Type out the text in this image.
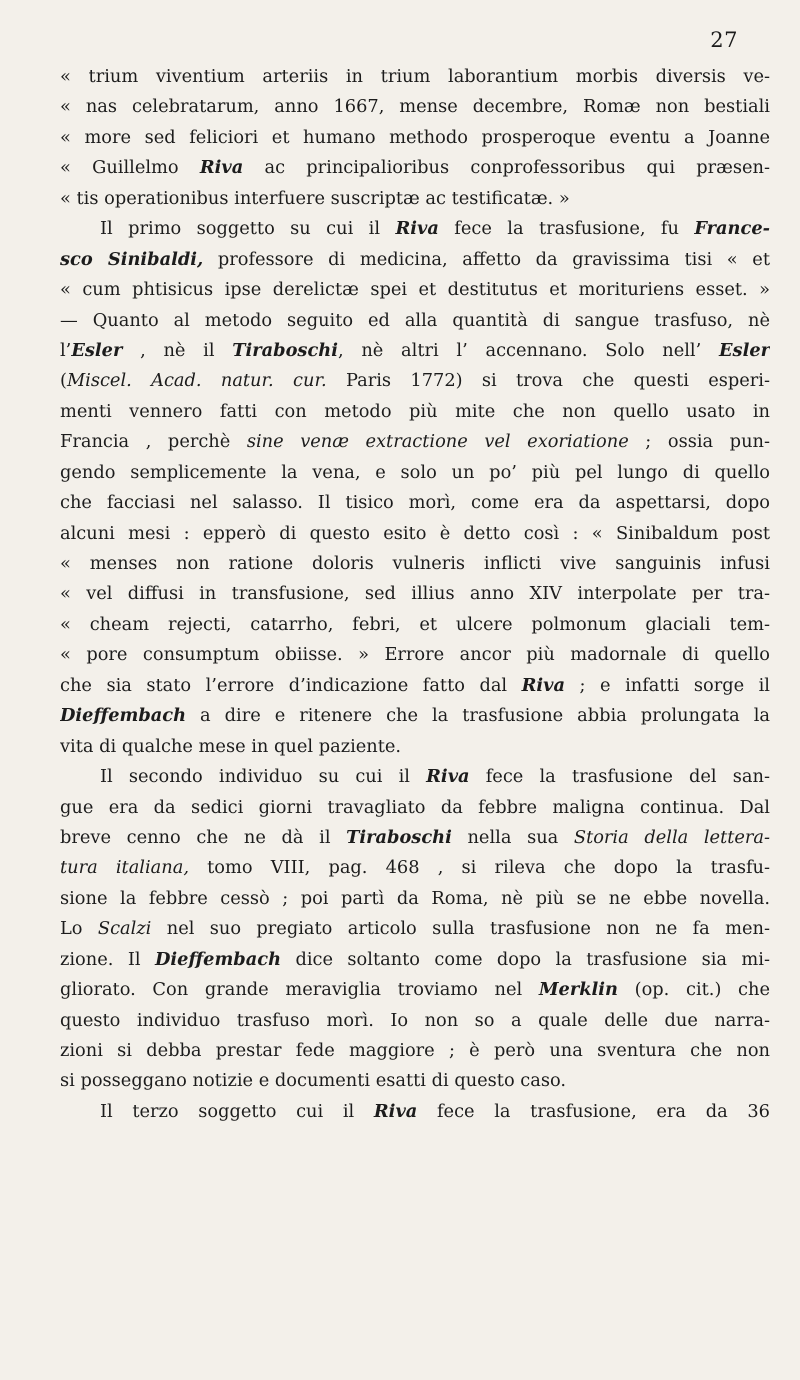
27
« trium viventium arteriis in trium laborantium morbis diversis ve-
« nas celebratarum, anno 1667, mense decembre, Romæ non bestiali
« more sed feliciori et humano methodo prosperoque eventu a Joanne
« Guillelmo Riva ac principalioribus conprofessoribus qui præsen-
« tis operationibus interfuere suscriptæ ac testificatæ. »
Il primo soggetto su cui il Riva fece la trasfusione, fu France-
sco Sinibaldi, professore di medicina, affetto da gravissima tisi « et
« cum phtisicus ipse derelictæ spei et destitutus et morituriens esset. »
— Quanto al metodo seguito ed alla quantità di sangue trasfuso, nè
l’Esler , nè il Tiraboschi, nè altri l’ accennano. Solo nell’ Esler
(Miscel. Acad. natur. cur. Paris 1772) si trova che questi esperi-
menti vennero fatti con metodo più mite che non quello usato in
Francia , perchè sine venæ extractione vel exoriatione ; ossia pun-
gendo semplicemente la vena, e solo un po’ più pel lungo di quello
che facciasi nel salasso. Il tisico morì, come era da aspettarsi, dopo
alcuni mesi : epperò di questo esito è detto così : « Sinibaldum post
« menses non ratione doloris vulneris inflicti vive sanguinis infusi
« vel diffusi in transfusione, sed illius anno XIV interpolate per tra-
« cheam rejecti, catarrho, febri, et ulcere polmonum glaciali tem-
« pore consumptum obiisse. » Errore ancor più madornale di quello
che sia stato l’errore d’indicazione fatto dal Riva ; e infatti sorge il
Dieffembach a dire e ritenere che la trasfusione abbia prolungata la
vita di qualche mese in quel paziente.
Il secondo individuo su cui il Riva fece la trasfusione del san-
gue era da sedici giorni travagliato da febbre maligna continua. Dal
breve cenno che ne dà il Tiraboschi nella sua Storia della lettera-
tura italiana, tomo VIII, pag. 468 , si rileva che dopo la trasfu-
sione la febbre cessò ; poi partì da Roma, nè più se ne ebbe novella.
Lo Scalzi nel suo pregiato articolo sulla trasfusione non ne fa men-
zione. Il Dieffembach dice soltanto come dopo la trasfusione sia mi-
gliorato. Con grande meraviglia troviamo nel Merklin (op. cit.) che
questo individuo trasfuso morì. Io non so a quale delle due narra-
zioni si debba prestar fede maggiore ; è però una sventura che non
si posseggano notizie e documenti esatti di questo caso.
Il terzo soggetto cui il Riva fece la trasfusione, era da 36
